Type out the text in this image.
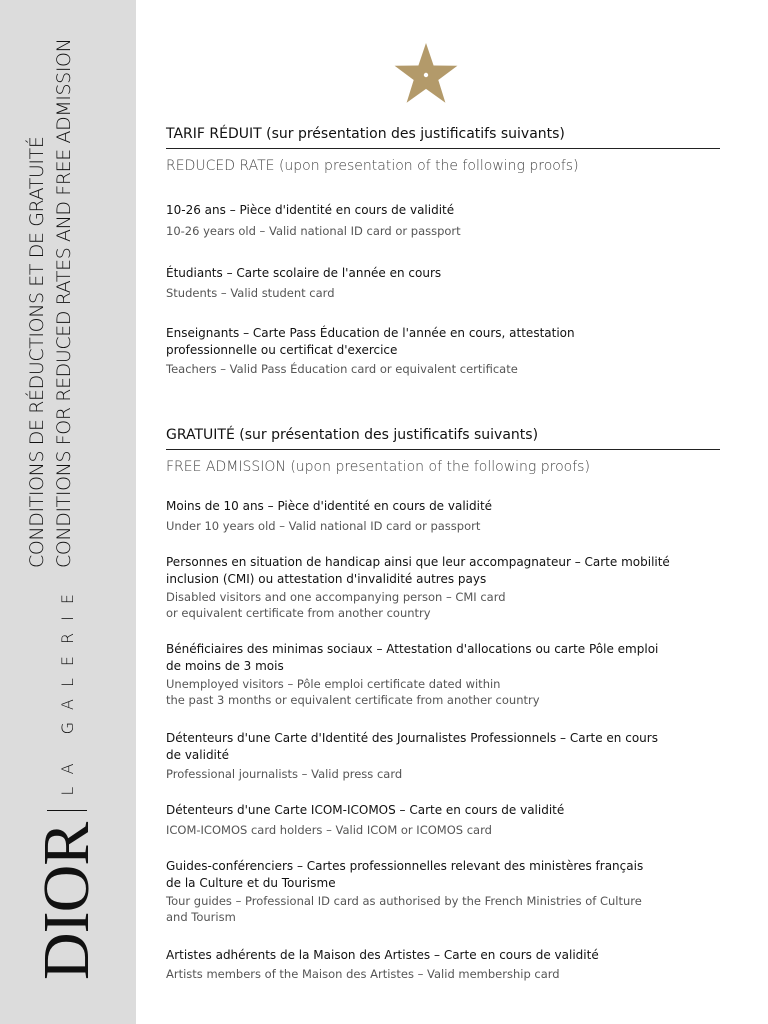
CONDITIONS DE RÉDUCTIONS ET DE GRATUITÉ CONDITIONS FOR REDUCED RATES AND FREE ADMISSION
DIOR
LA GALERIE
TARIF RÉDUIT (sur présentation des justificatifs suivants)
REDUCED RATE (upon presentation of the following proofs)
10-26 ans – Pièce d'identité en cours de validité
10-26 years old – Valid national ID card or passport
Étudiants – Carte scolaire de l'année en cours
Students – Valid student card
Enseignants – Carte Pass Éducation de l'année en cours, attestation
professionnelle ou certificat d'exercice
Teachers – Valid Pass Éducation card or equivalent certificate
GRATUITÉ (sur présentation des justificatifs suivants)
FREE ADMISSION (upon presentation of the following proofs)
Moins de 10 ans – Pièce d'identité en cours de validité
Under 10 years old – Valid national ID card or passport
Personnes en situation de handicap ainsi que leur accompagnateur – Carte mobilité
inclusion (CMI) ou attestation d'invalidité autres pays
Disabled visitors and one accompanying person – CMI card
or equivalent certificate from another country
Bénéficiaires des minimas sociaux – Attestation d'allocations ou carte Pôle emploi
de moins de 3 mois
Unemployed visitors – Pôle emploi certificate dated within
the past 3 months or equivalent certificate from another country
Détenteurs d'une Carte d'Identité des Journalistes Professionnels – Carte en cours
de validité
Professional journalists – Valid press card
Détenteurs d'une Carte ICOM-ICOMOS – Carte en cours de validité
ICOM-ICOMOS card holders – Valid ICOM or ICOMOS card
Guides-conférenciers – Cartes professionnelles relevant des ministères français
de la Culture et du Tourisme
Tour guides – Professional ID card as authorised by the French Ministries of Culture
and Tourism
Artistes adhérents de la Maison des Artistes – Carte en cours de validité
Artists members of the Maison des Artistes – Valid membership card
